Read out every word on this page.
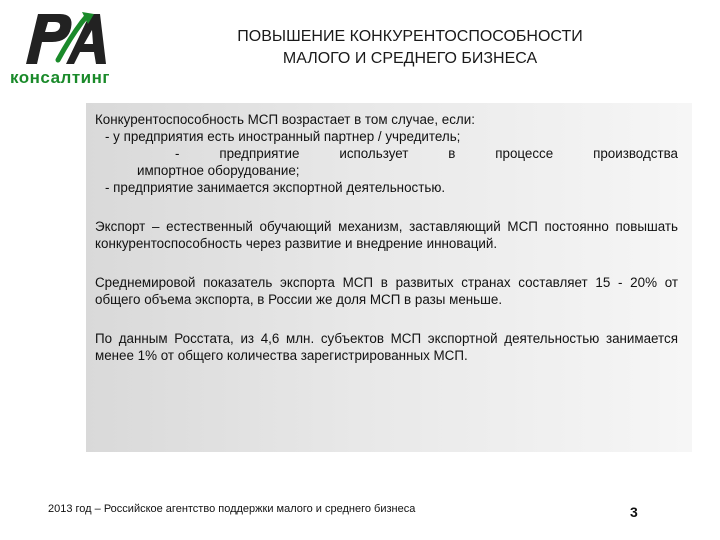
консалтинг
ПОВЫШЕНИЕ КОНКУРЕНТОСПОСОБНОСТИ
МАЛОГО И СРЕДНЕГО БИЗНЕСА
Конкурентоспособность МСП возрастает в том случае, если:
- у предприятия есть иностранный партнер / учредитель;
- предприятие использует в процессе производства
импортное оборудование;
- предприятие занимается экспортной деятельностью.
Экспорт – естественный обучающий механизм, заставляющий МСП постоянно повышать конкурентоспособность через развитие и внедрение инноваций.
Среднемировой показатель экспорта МСП в развитых странах составляет 15 - 20% от общего объема экспорта, в России же доля МСП в разы меньше.
По данным Росстата, из 4,6 млн. субъектов МСП экспортной деятельностью занимается менее 1% от общего количества зарегистрированных МСП.
2013 год – Российское агентство поддержки малого и среднего бизнеса	3
